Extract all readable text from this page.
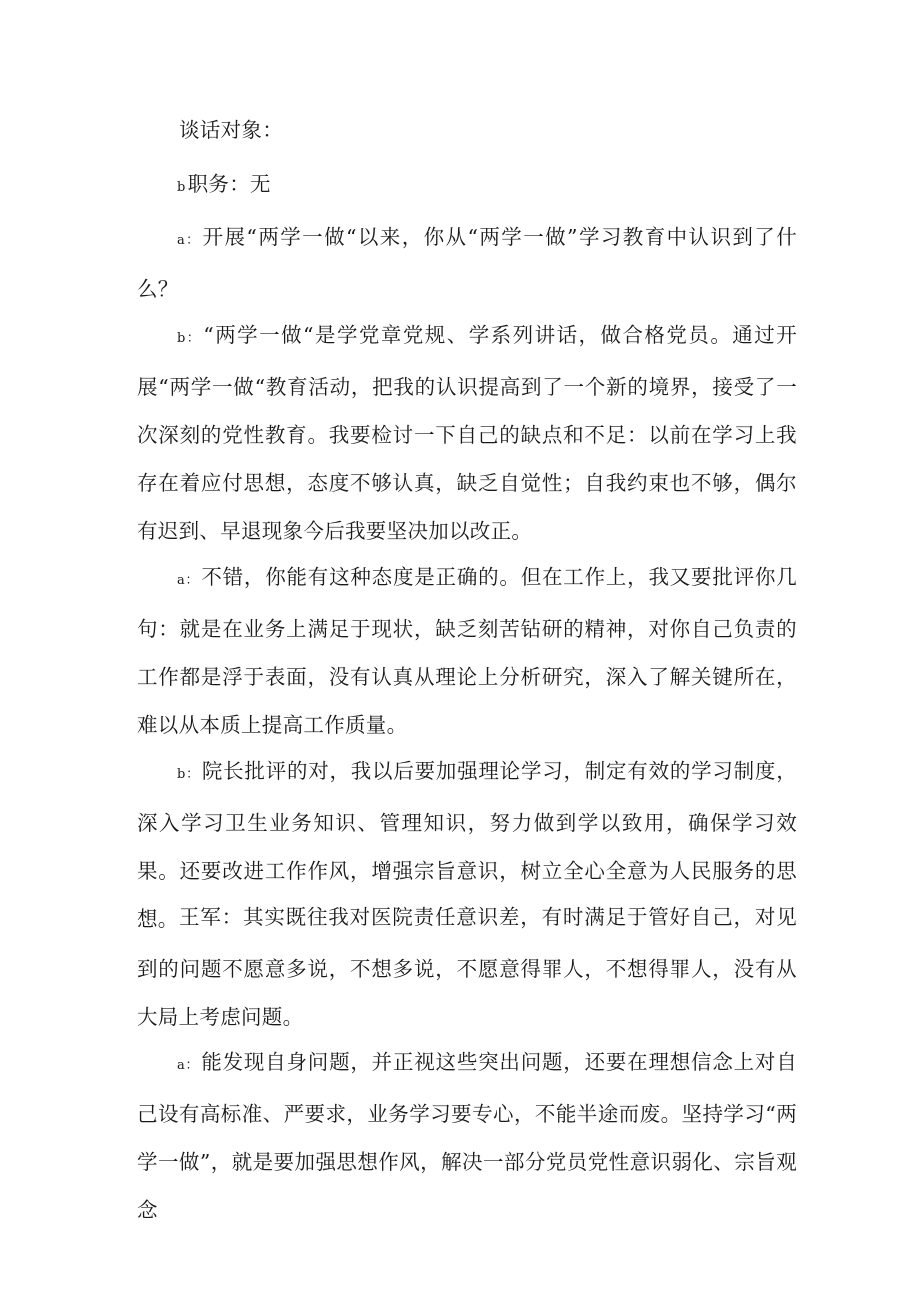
谈话对象：

b职务：无

a：开展“两学一做“以来，你从“两学一做”学习教育中认识到了什么？

b：“两学一做“是学党章党规、学系列讲话，做合格党员。通过开展“两学一做“教育活动，把我的认识提高到了一个新的境界，接受了一次深刻的党性教育。我要检讨一下自己的缺点和不足：以前在学习上我存在着应付思想，态度不够认真，缺乏自觉性；自我约束也不够，偶尔有迟到、早退现象今后我要坚决加以改正。

a：不错，你能有这种态度是正确的。但在工作上，我又要批评你几句：就是在业务上满足于现状，缺乏刻苦钻研的精神，对你自己负责的工作都是浮于表面，没有认真从理论上分析研究，深入了解关键所在，难以从本质上提高工作质量。

b：院长批评的对，我以后要加强理论学习，制定有效的学习制度，深入学习卫生业务知识、管理知识，努力做到学以致用，确保学习效果。还要改进工作作风，增强宗旨意识，树立全心全意为人民服务的思想。 王军：其实既往我对医院责任意识差，有时满足于管好自己，对见到的问题不愿意多说，不想多说，不愿意得罪人，不想得罪人，没有从大局上考虑问题。

a：能发现自身问题，并正视这些突出问题，还要在理想信念上对自己设有高标准、严要求，业务学习要专心，不能半途而废。坚持学习“两学一做”，就是要加强思想作风，解决一部分党员党性意识弱化、宗旨观念
